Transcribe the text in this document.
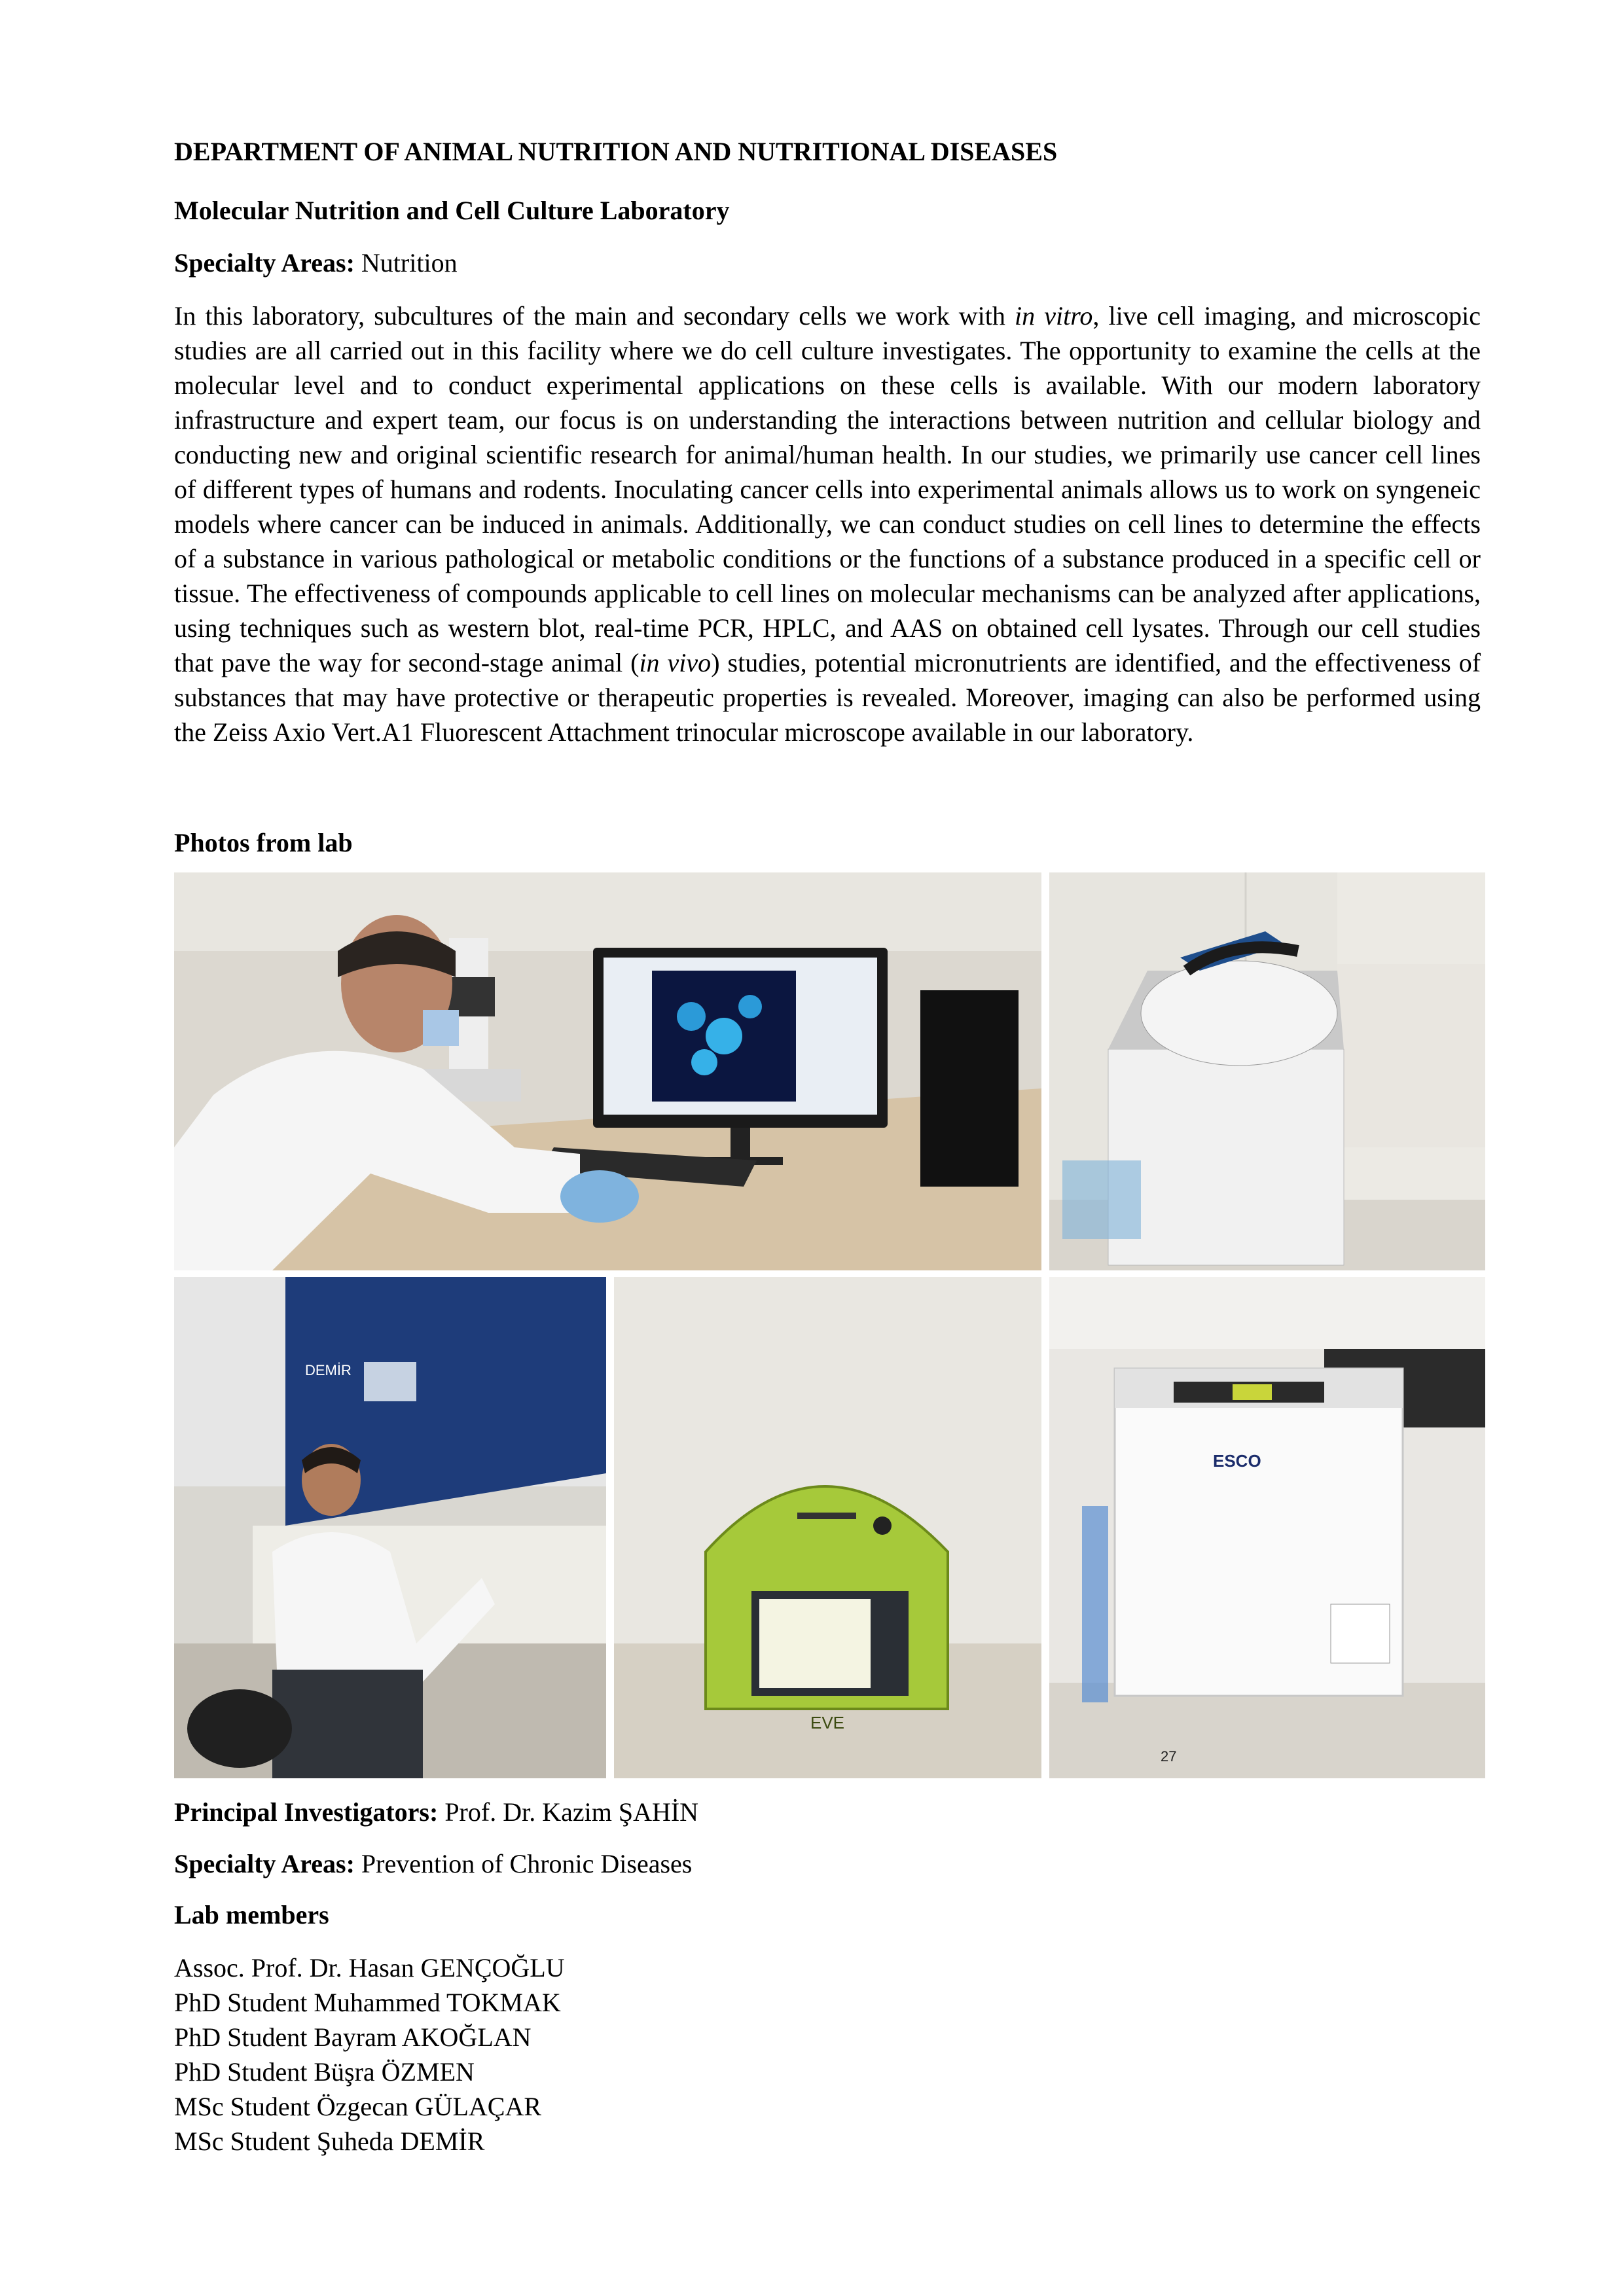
DEPARTMENT OF ANIMAL NUTRITION AND NUTRITIONAL DISEASES
Molecular Nutrition and Cell Culture Laboratory
Specialty Areas: Nutrition
In this laboratory, subcultures of the main and secondary cells we work with in vitro, live cell imaging, and microscopic studies are all carried out in this facility where we do cell culture investigates. The opportunity to examine the cells at the molecular level and to conduct experimental applications on these cells is available. With our modern laboratory infrastructure and expert team, our focus is on understanding the interactions between nutrition and cellular biology and conducting new and original scientific research for animal/human health. In our studies, we primarily use cancer cell lines of different types of humans and rodents. Inoculating cancer cells into experimental animals allows us to work on syngeneic models where cancer can be induced in animals. Additionally, we can conduct studies on cell lines to determine the effects of a substance in various pathological or metabolic conditions or the functions of a substance produced in a specific cell or tissue. The effectiveness of compounds applicable to cell lines on molecular mechanisms can be analyzed after applications, using techniques such as western blot, real-time PCR, HPLC, and AAS on obtained cell lysates. Through our cell studies that pave the way for second-stage animal (in vivo) studies, potential micronutrients are identified, and the effectiveness of substances that may have protective or therapeutic properties is revealed. Moreover, imaging can also be performed using the Zeiss Axio Vert.A1 Fluorescent Attachment trinocular microscope available in our laboratory.
Photos from lab
DEMİR
EVE
ESCO
27
Principal Investigators: Prof. Dr. Kazim ŞAHİN
Specialty Areas: Prevention of Chronic Diseases
Lab members
Assoc. Prof. Dr. Hasan GENÇOĞLU
PhD Student Muhammed TOKMAK
PhD Student Bayram AKOĞLAN
PhD Student Büşra ÖZMEN
MSc Student Özgecan GÜLAÇAR
MSc Student Şuheda DEMİR
